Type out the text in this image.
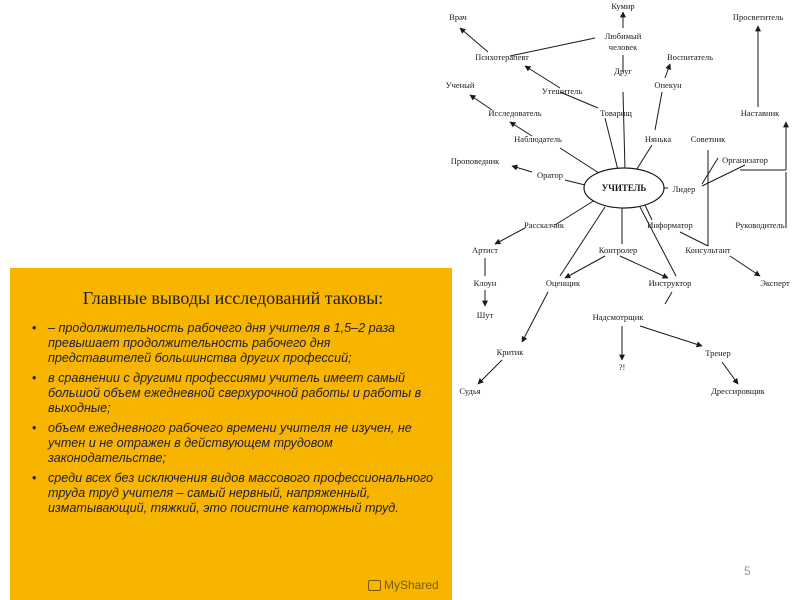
УЧИТЕЛЬ
Кумир
Любимый
человек
Врач	Просветитель
Психотерапевт	Воспитатель
Друг
Опекун
Ученый
Утешитель
Товарищ	Наставник
Исследователь
Наблюдатель	Нянька Советник
Организатор
Проповедник
Оратор
Лидер
Рассказчик	Информатор	Руководитель
Артист	Контролер	Консультант
Клоун	Оценщик	Инструктор	Эксперт
Шут	Надсмотрщик
Критик
?!
Тренер
Судья	Дрессировщик
Главные выводы исследований таковы:
• – продолжительность рабочего дня учителя в 1,5–2 раза превышает продолжительность рабочего дня представителей большинства других профессий;
• в сравнении с другими профессиями учитель имеет самый большой объем ежедневной сверхурочной работы и работы в выходные;
• объем ежедневного рабочего времени учителя не изучен, не учтен и не отражен в действующем трудовом законодательстве;
• среди всех без исключения видов массового профессионального труда труд учителя – самый нервный, напряженный, изматывающий, тяжкий, это поистине каторжный труд.
MyShared
5
